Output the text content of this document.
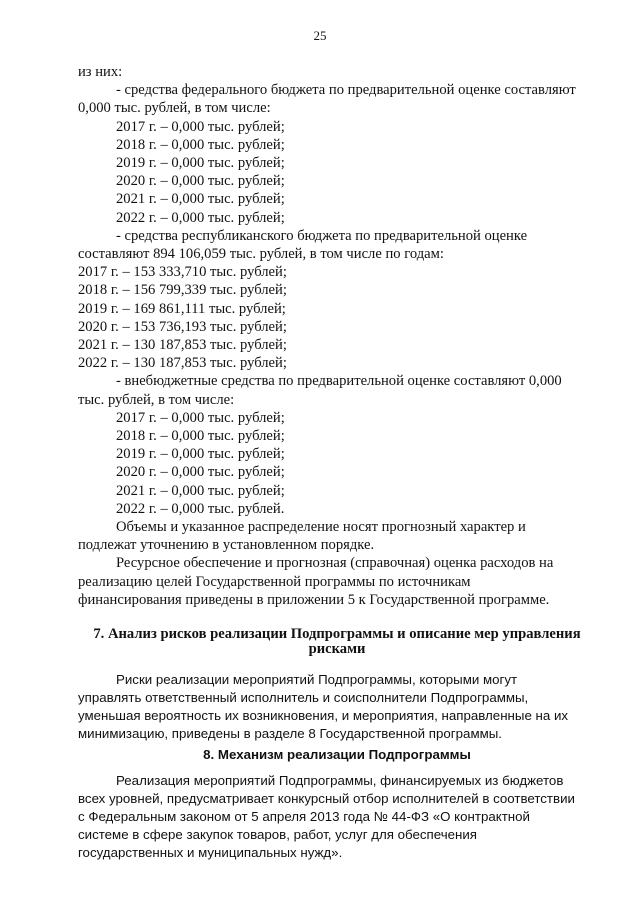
25

из них:

- средства федерального бюджета по предварительной оценке составляют

0,000 тыс. рублей, в том числе:

2017 г. – 0,000 тыс. рублей;

2018 г. – 0,000 тыс. рублей;

2019 г. – 0,000 тыс. рублей;

2020 г. – 0,000 тыс. рублей;

2021 г. – 0,000 тыс. рублей;

2022 г. – 0,000 тыс. рублей;

- средства республиканского бюджета по предварительной оценке

составляют 894 106,059 тыс. рублей, в том числе по годам:

2017 г. – 153 333,710 тыс. рублей;

2018 г. – 156 799,339 тыс. рублей;

2019 г. – 169 861,111 тыс. рублей;

2020 г. – 153 736,193 тыс. рублей;

2021 г. – 130 187,853 тыс. рублей;

2022 г. – 130 187,853 тыс. рублей;

- внебюджетные средства по предварительной оценке составляют 0,000

тыс. рублей, в том числе:

2017 г. – 0,000 тыс. рублей;

2018 г. – 0,000 тыс. рублей;

2019 г. – 0,000 тыс. рублей;

2020 г. – 0,000 тыс. рублей;

2021 г. – 0,000 тыс. рублей;

2022 г. – 0,000 тыс. рублей.

Объемы и указанное распределение носят прогнозный характер и

подлежат уточнению в установленном порядке.

Ресурсное обеспечение и прогнозная (справочная) оценка расходов на

реализацию целей Государственной программы по источникам

финансирования приведены в приложении 5 к Государственной программе.

7. Анализ рисков реализации Подпрограммы и описание мер управления
рисками

Риски реализации мероприятий Подпрограммы, которыми могут

управлять ответственный исполнитель и соисполнители Подпрограммы,

уменьшая вероятность их возникновения, и мероприятия, направленные на их

минимизацию, приведены в разделе 8 Государственной программы.

8. Механизм реализации Подпрограммы

Реализация мероприятий Подпрограммы, финансируемых из бюджетов

всех уровней, предусматривает конкурсный отбор исполнителей в соответствии

с Федеральным законом от 5 апреля 2013 года № 44-ФЗ «О контрактной

системе в сфере закупок товаров, работ, услуг для обеспечения

государственных и муниципальных нужд».
